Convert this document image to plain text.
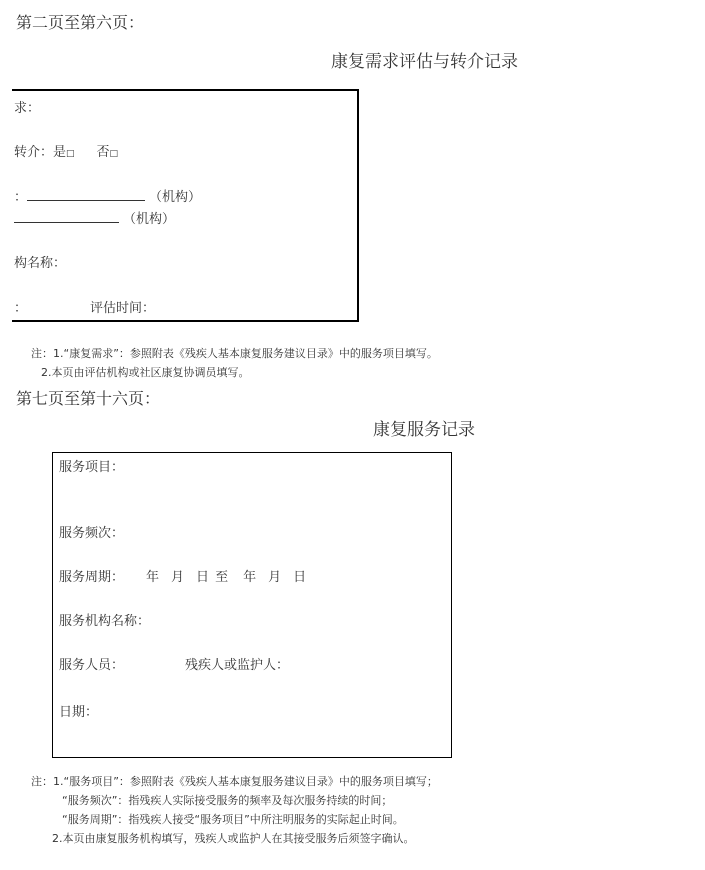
第二页至第六页：
康复需求评估与转介记录
求：
转介：是□ 否□
：	（机构）
（机构）
构名称：
：	评估时间：
注：1.“康复需求”：参照附表《残疾人基本康复服务建议目录》中的服务项目填写。
2.本页由评估机构或社区康复协调员填写。
第七页至第十六页：
康复服务记录
服务项目：
服务频次：
服务周期： 年 月 日 至 年 月 日
服务机构名称：
服务人员：	残疾人或监护人：
日期：
注：1.“服务项目”：参照附表《残疾人基本康复服务建议目录》中的服务项目填写；
“服务频次”：指残疾人实际接受服务的频率及每次服务持续的时间；
“服务周期”：指残疾人接受“服务项目”中所注明服务的实际起止时间。
2.本页由康复服务机构填写，残疾人或监护人在其接受服务后须签字确认。
